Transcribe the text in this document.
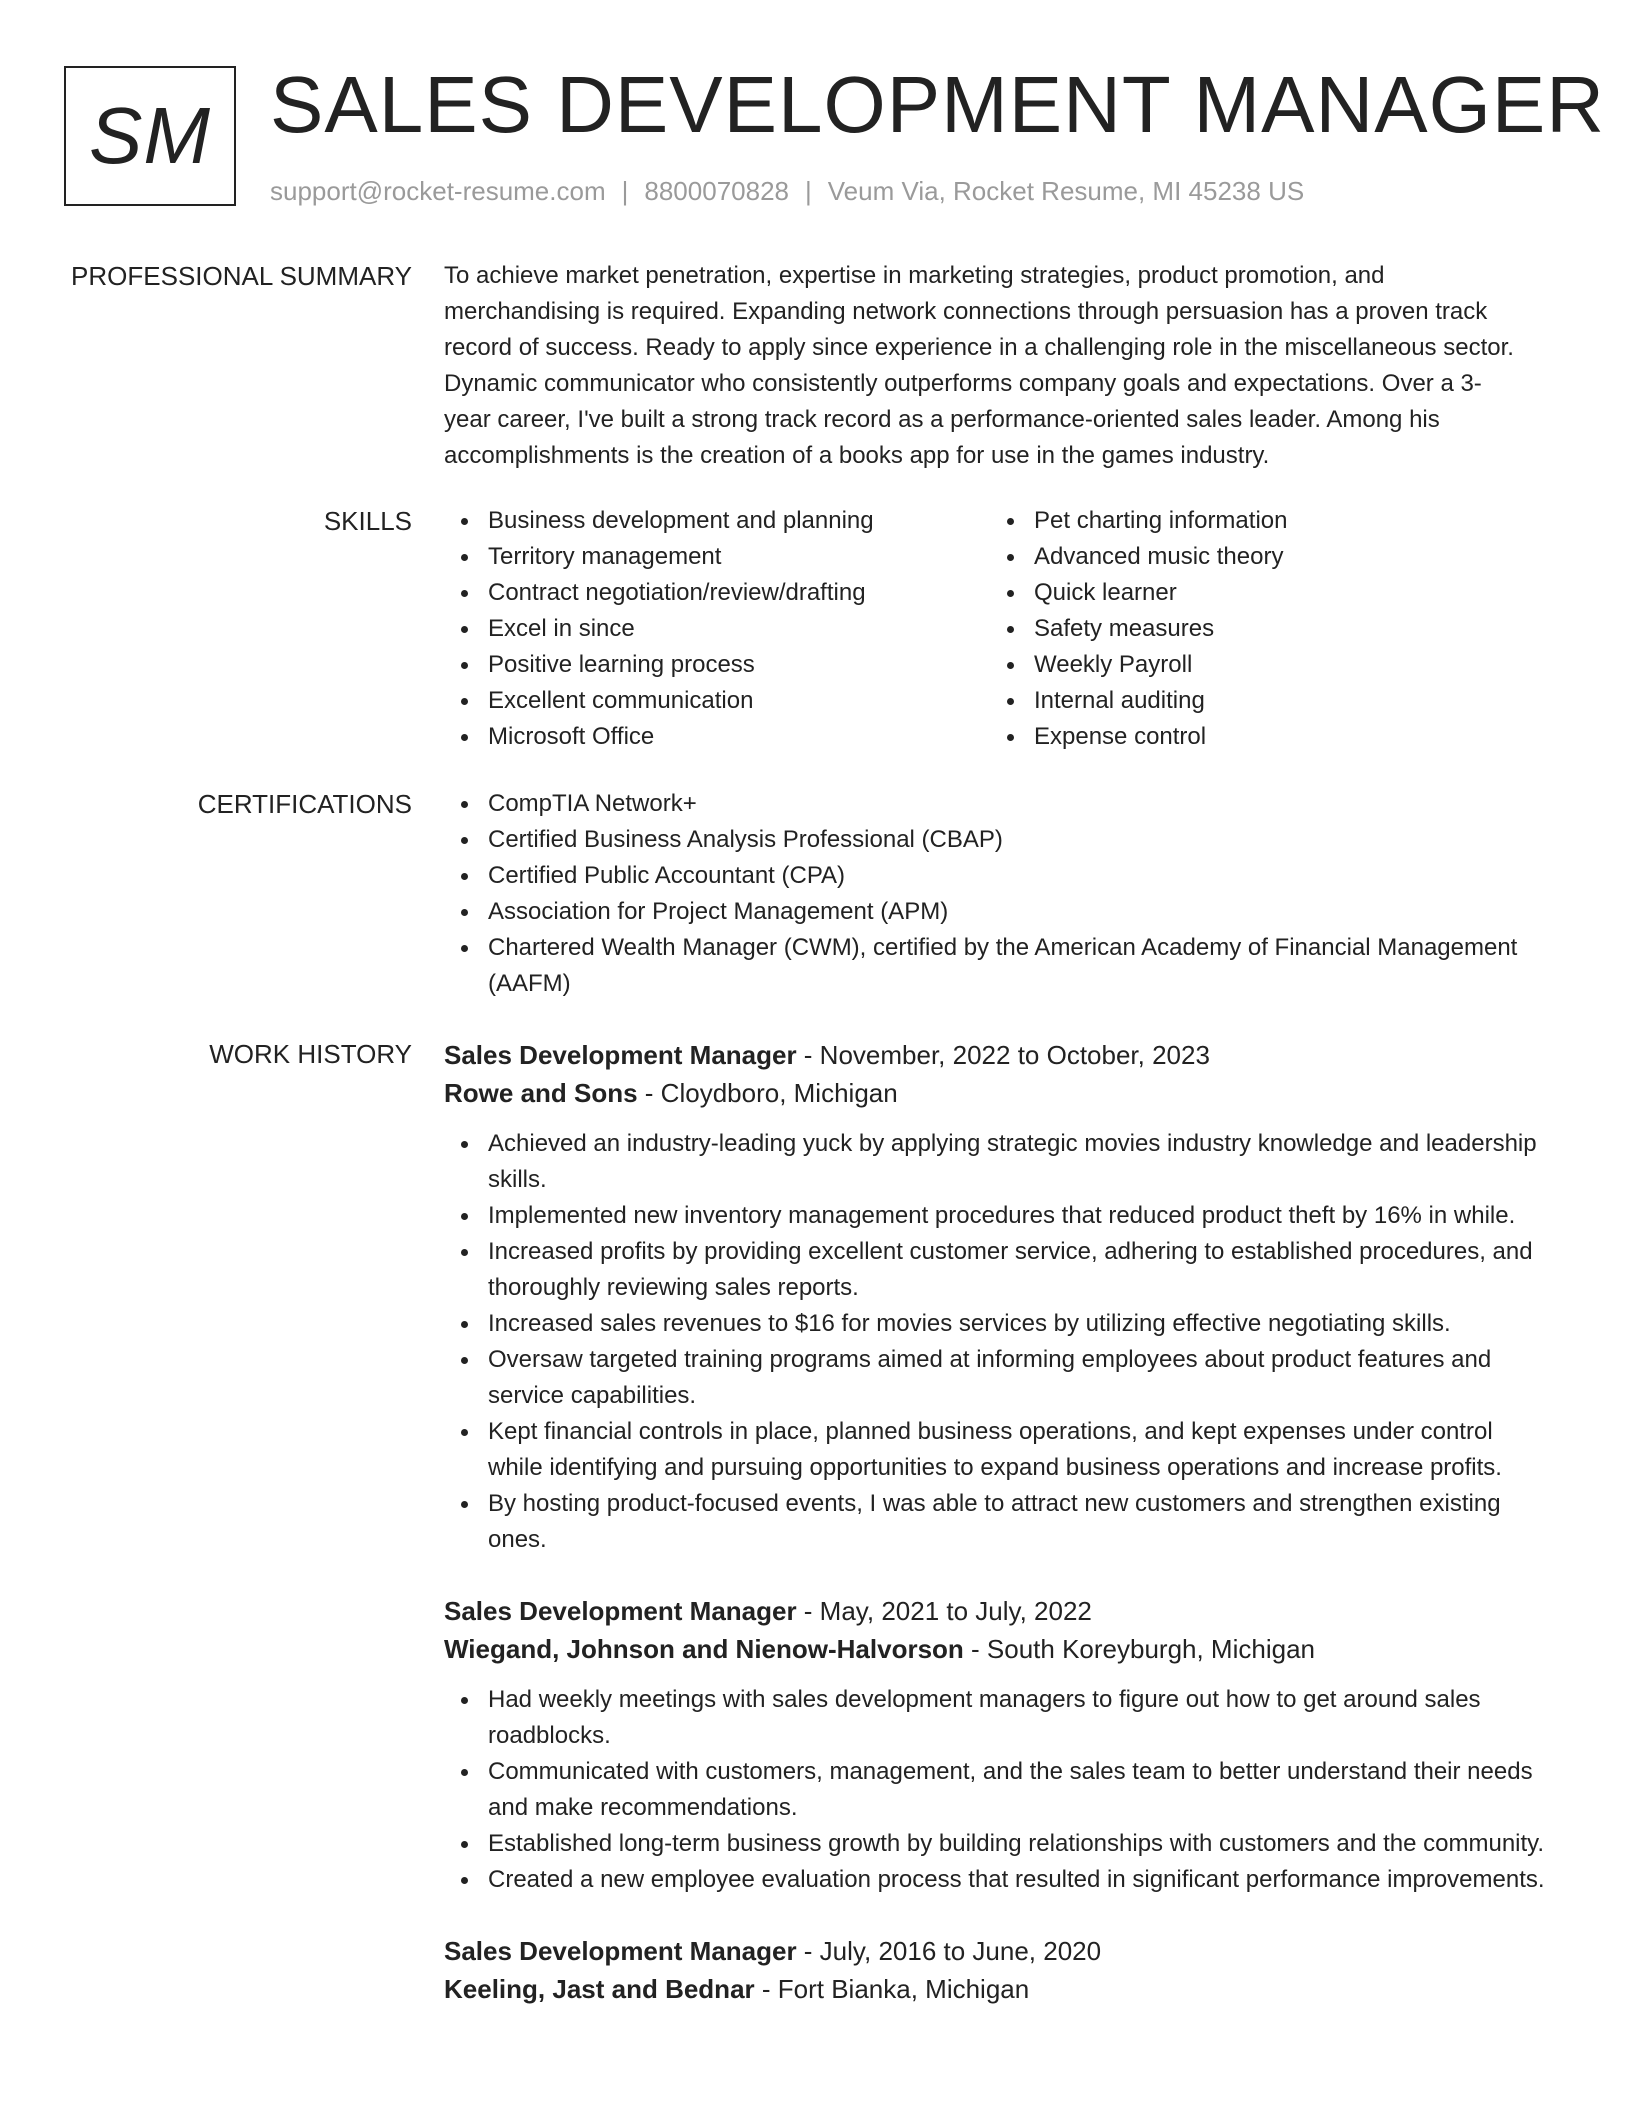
SM SALES DEVELOPMENT MANAGER
support@rocket-resume.com | 8800070828 | Veum Via, Rocket Resume, MI 45238 US
PROFESSIONAL SUMMARY To achieve market penetration, expertise in marketing strategies, product promotion, and
merchandising is required. Expanding network connections through persuasion has a proven track
record of success. Ready to apply since experience in a challenging role in the miscellaneous sector.
Dynamic communicator who consistently outperforms company goals and expectations. Over a 3-
year career, I've built a strong track record as a performance-oriented sales leader. Among his
accomplishments is the creation of a books app for use in the games industry.
SKILLS	Business development and planning
Territory management
Contract negotiation/review/drafting
Excel in since
Positive learning process
Excellent communication
Microsoft Office
Pet charting information
Advanced music theory
Quick learner
Safety measures
Weekly Payroll
Internal auditing
Expense control
CERTIFICATIONS	CompTIA Network+
Certified Business Analysis Professional (CBAP)
Certified Public Accountant (CPA)
Association for Project Management (APM)
Chartered Wealth Manager (CWM), certified by the American Academy of Financial Management (AAFM)
WORK HISTORY Sales Development Manager - November, 2022 to October, 2023
Rowe and Sons - Cloydboro, Michigan
Achieved an industry-leading yuck by applying strategic movies industry knowledge and leadership skills.
Implemented new inventory management procedures that reduced product theft by 16% in while.
Increased profits by providing excellent customer service, adhering to established procedures, and thoroughly reviewing sales reports.
Increased sales revenues to $16 for movies services by utilizing effective negotiating skills.
Oversaw targeted training programs aimed at informing employees about product features and service capabilities.
Kept financial controls in place, planned business operations, and kept expenses under control while identifying and pursuing opportunities to expand business operations and increase profits.
By hosting product-focused events, I was able to attract new customers and strengthen existing ones.
Sales Development Manager - May, 2021 to July, 2022
Wiegand, Johnson and Nienow-Halvorson - South Koreyburgh, Michigan
Had weekly meetings with sales development managers to figure out how to get around sales roadblocks.
Communicated with customers, management, and the sales team to better understand their needs and make recommendations.
Established long-term business growth by building relationships with customers and the community.
Created a new employee evaluation process that resulted in significant performance improvements.
Sales Development Manager - July, 2016 to June, 2020
Keeling, Jast and Bednar - Fort Bianka, Michigan
